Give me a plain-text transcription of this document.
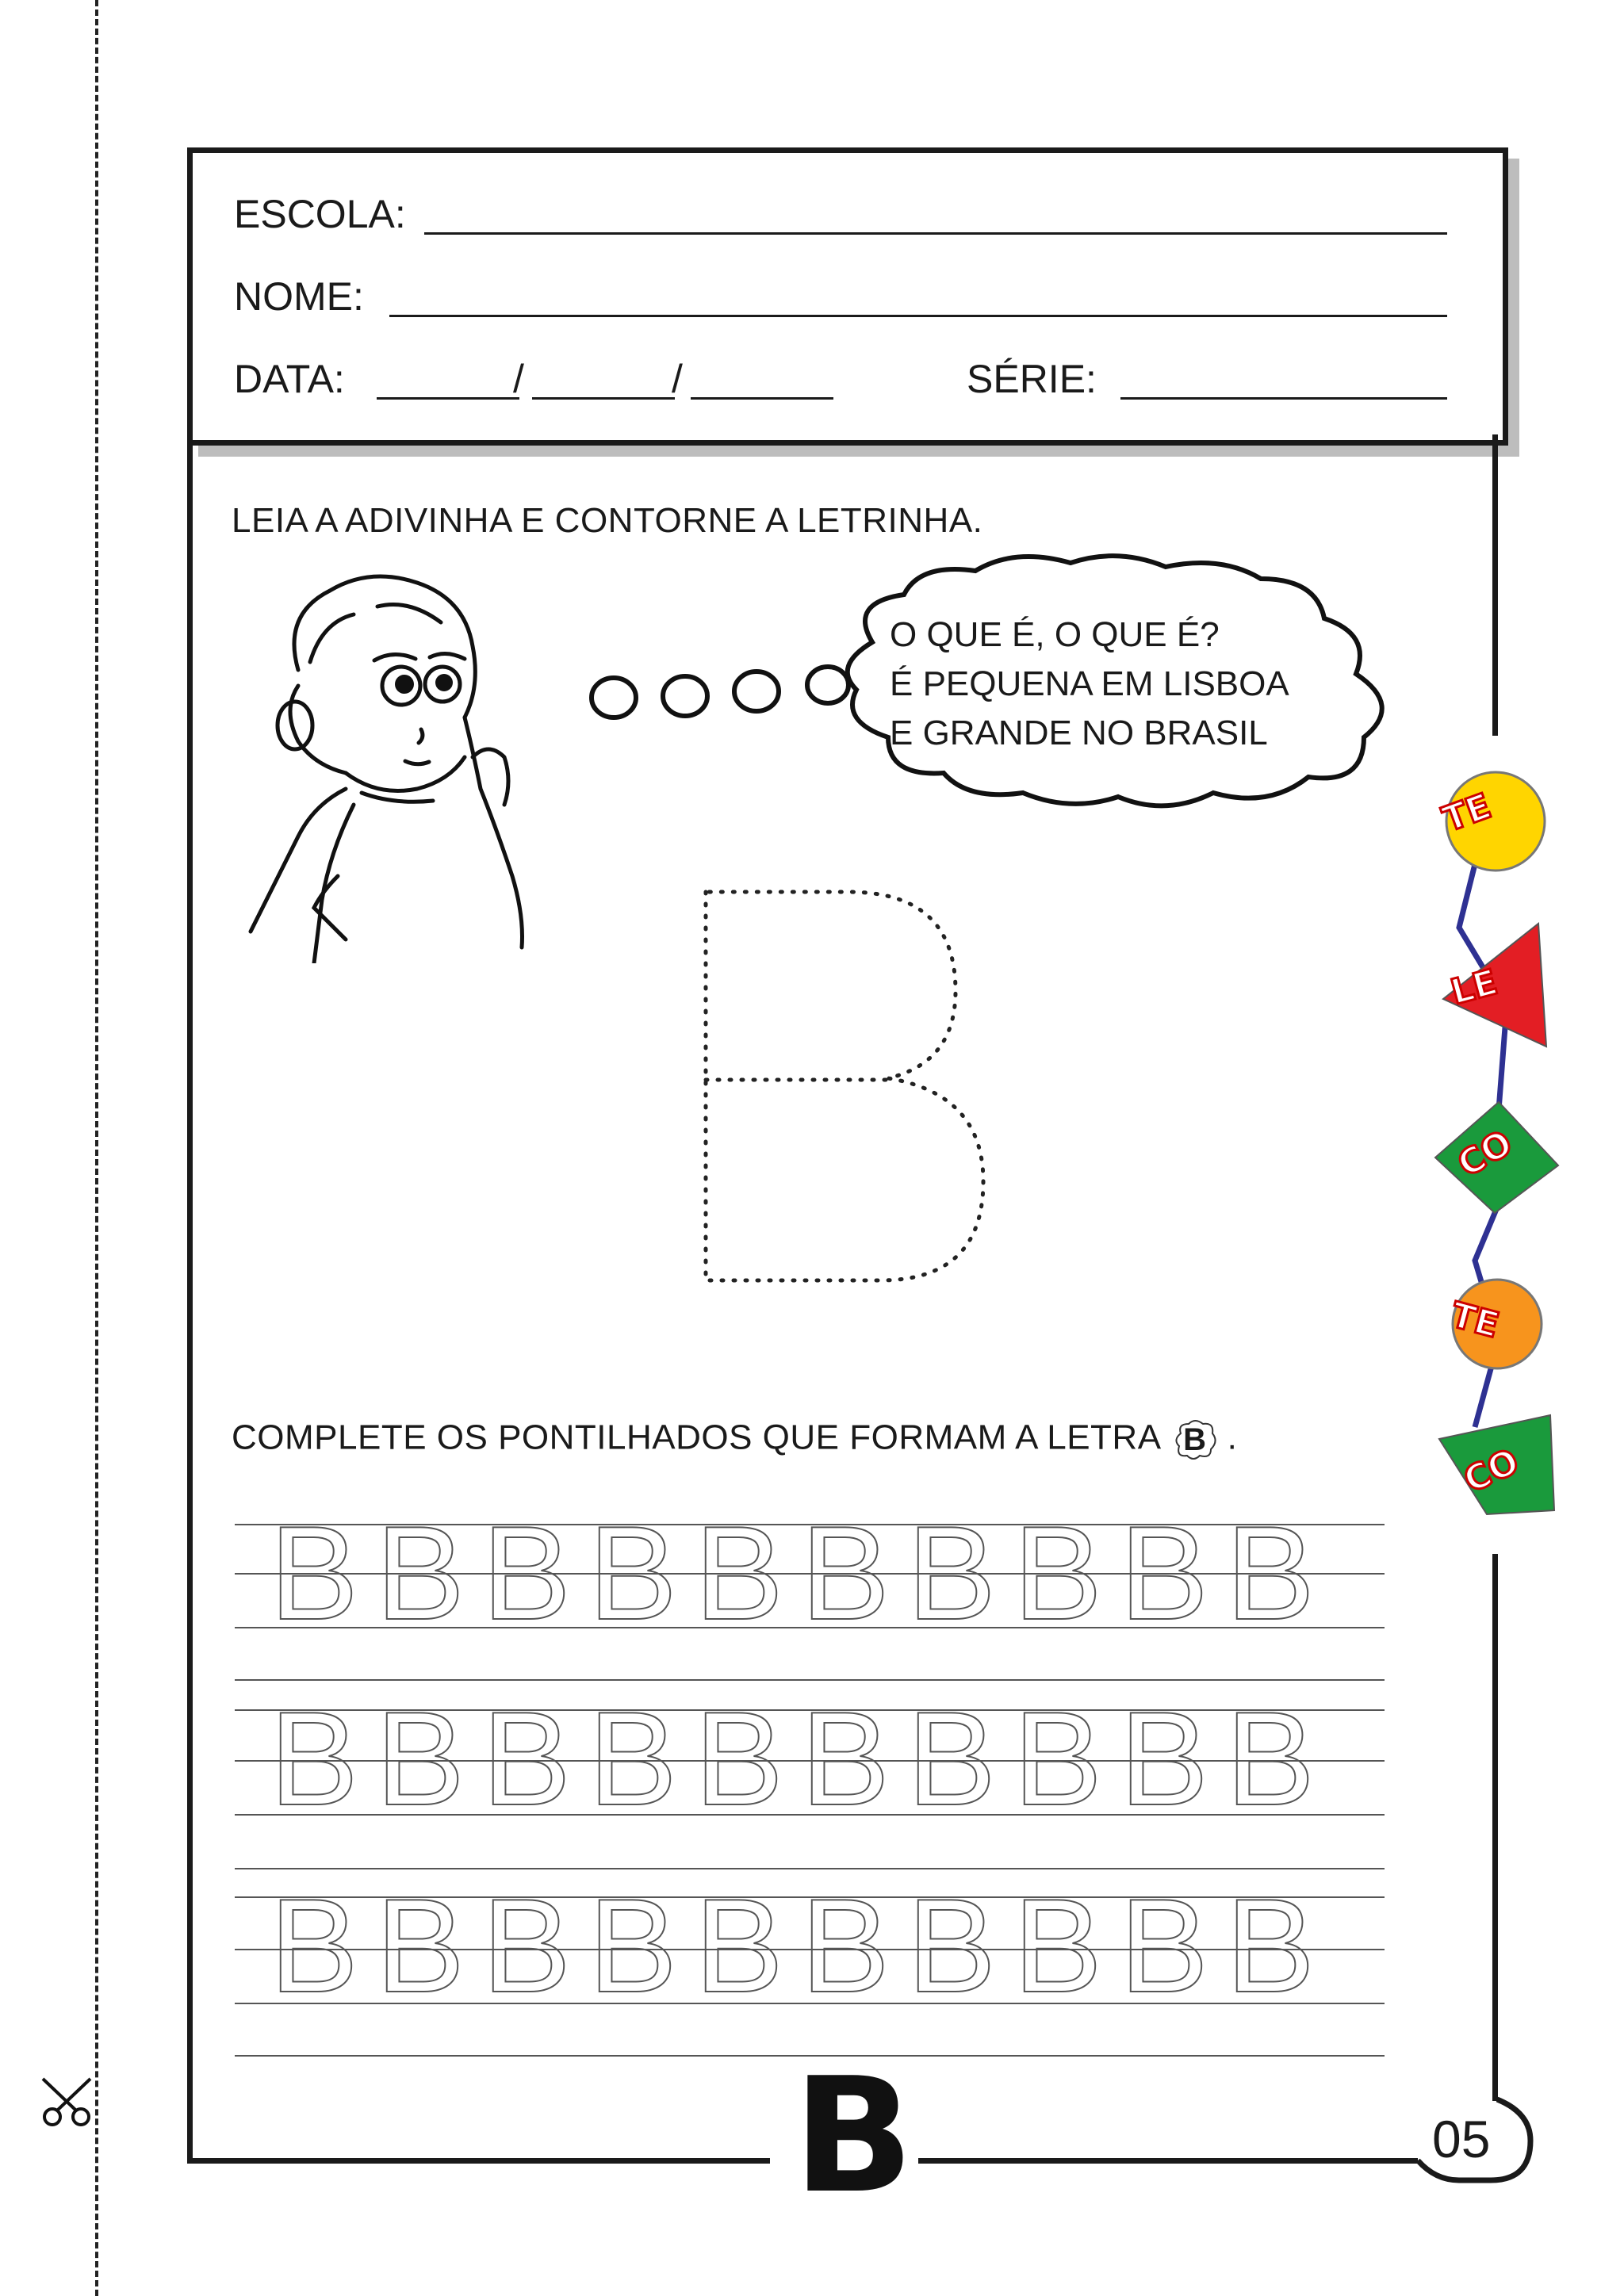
ESCOLA:
NOME:
DATA:	/	/	SÉRIE:
LEIA A ADIVINHA E CONTORNE A LETRINHA.
O QUE É, O QUE É?
É PEQUENA EM LISBOA
E GRANDE NO BRASIL
COMPLETE OS PONTILHADOS QUE FORMAM A LETRA B .
B B B B B B B B B B
B B B B B B B B B B
B B B B B B B B B B
TE
LE
CO
TE
CO
B	05
